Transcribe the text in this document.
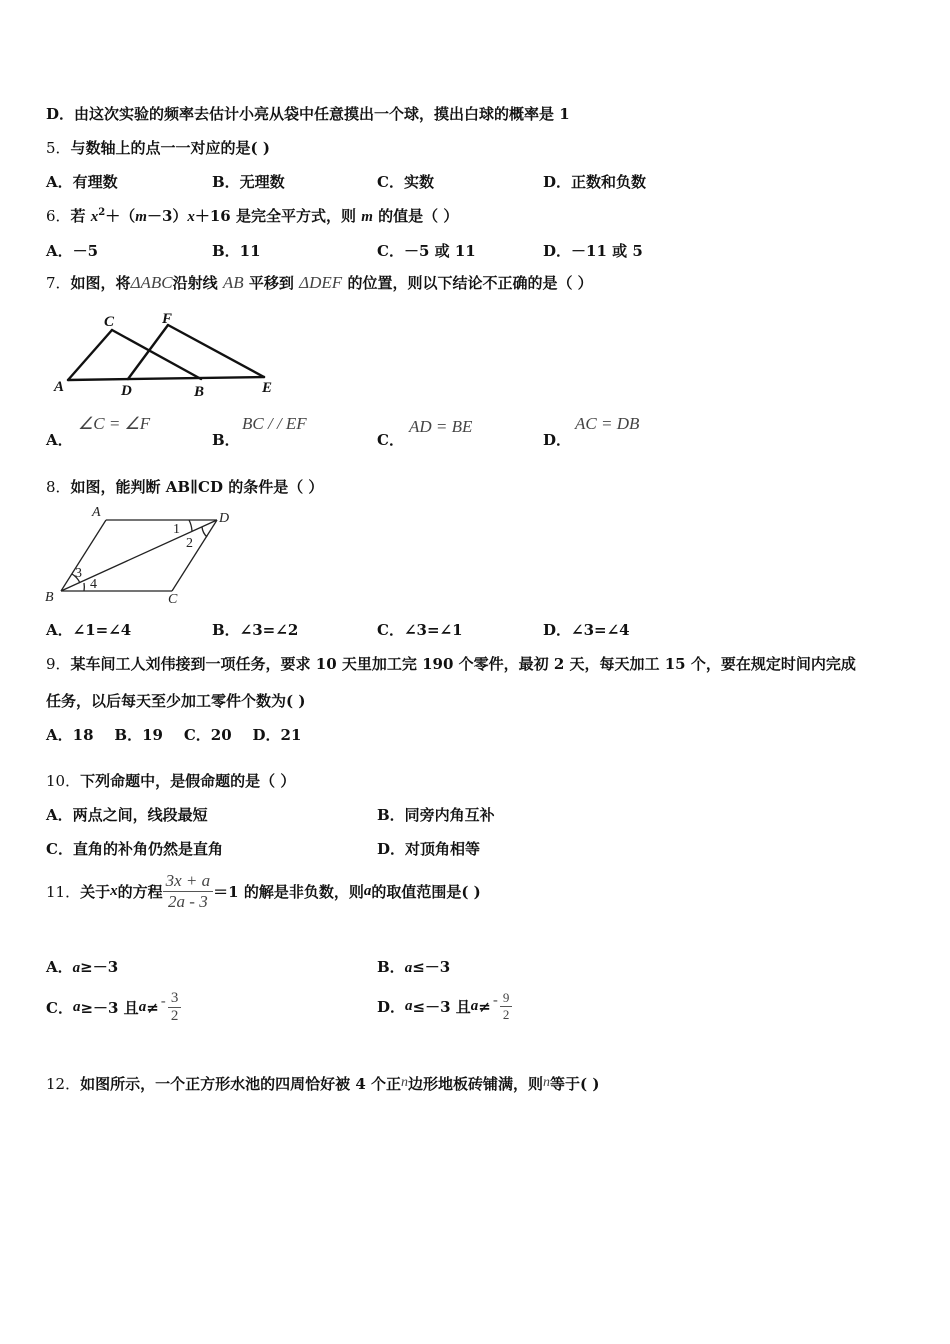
D．由这次实验的频率去估计小亮从袋中任意摸出一个球，摸出白球的概率是 1
5．与数轴上的点一一对应的是( )
A．有理数	B．无理数	C．实数	D．正数和负数
6．若 $x^2+(m-3)x+16$ 是完全平方式，则 m 的值是（ ）
A．－5	B．11	C．－5 或 11	D．－11 或 5
7．如图，将ΔABC沿射线 AB 平移到 ΔDEF 的位置，则以下结论不正确的是（ ）
A
C
D	B
F
E
A．
∠C = ∠F
B．
BC / / EF
C．
AD = BE
D．
AC = DB
8．如图，能判断 AB∥CD 的条件是（ ）
A	D
B	C
1
2
3
4
A．∠1=∠4	B．∠3=∠2	C．∠3=∠1	D．∠3=∠4
9．某车间工人刘伟接到一项任务，要求 10 天里加工完 190 个零件，最初 2 天，每天加工 15 个，要在规定时间内完成
任务，以后每天至少加工零件个数为( )
A．18    B．19    C．20    D．21
10．下列命题中，是假命题的是（ ）
A．两点之间，线段最短	B．同旁内角互补
C．直角的补角仍然是直角	D．对顶角相等
11． 关于 x 的方程 $\frac{3x + a}{2a - 3} =1$ 的解是非负数，则 a 的取值范围是( )
A．a≥－3	B．a≤－3
C． a ≥－3 且 a ≠ - $\frac{3}{2}$	D． a ≤－3 且 a ≠ - $\frac{9}{2}$
12．如图所示，一个正方形水池的四周恰好被 4 个正n边形地板砖铺满，则n等于( )
